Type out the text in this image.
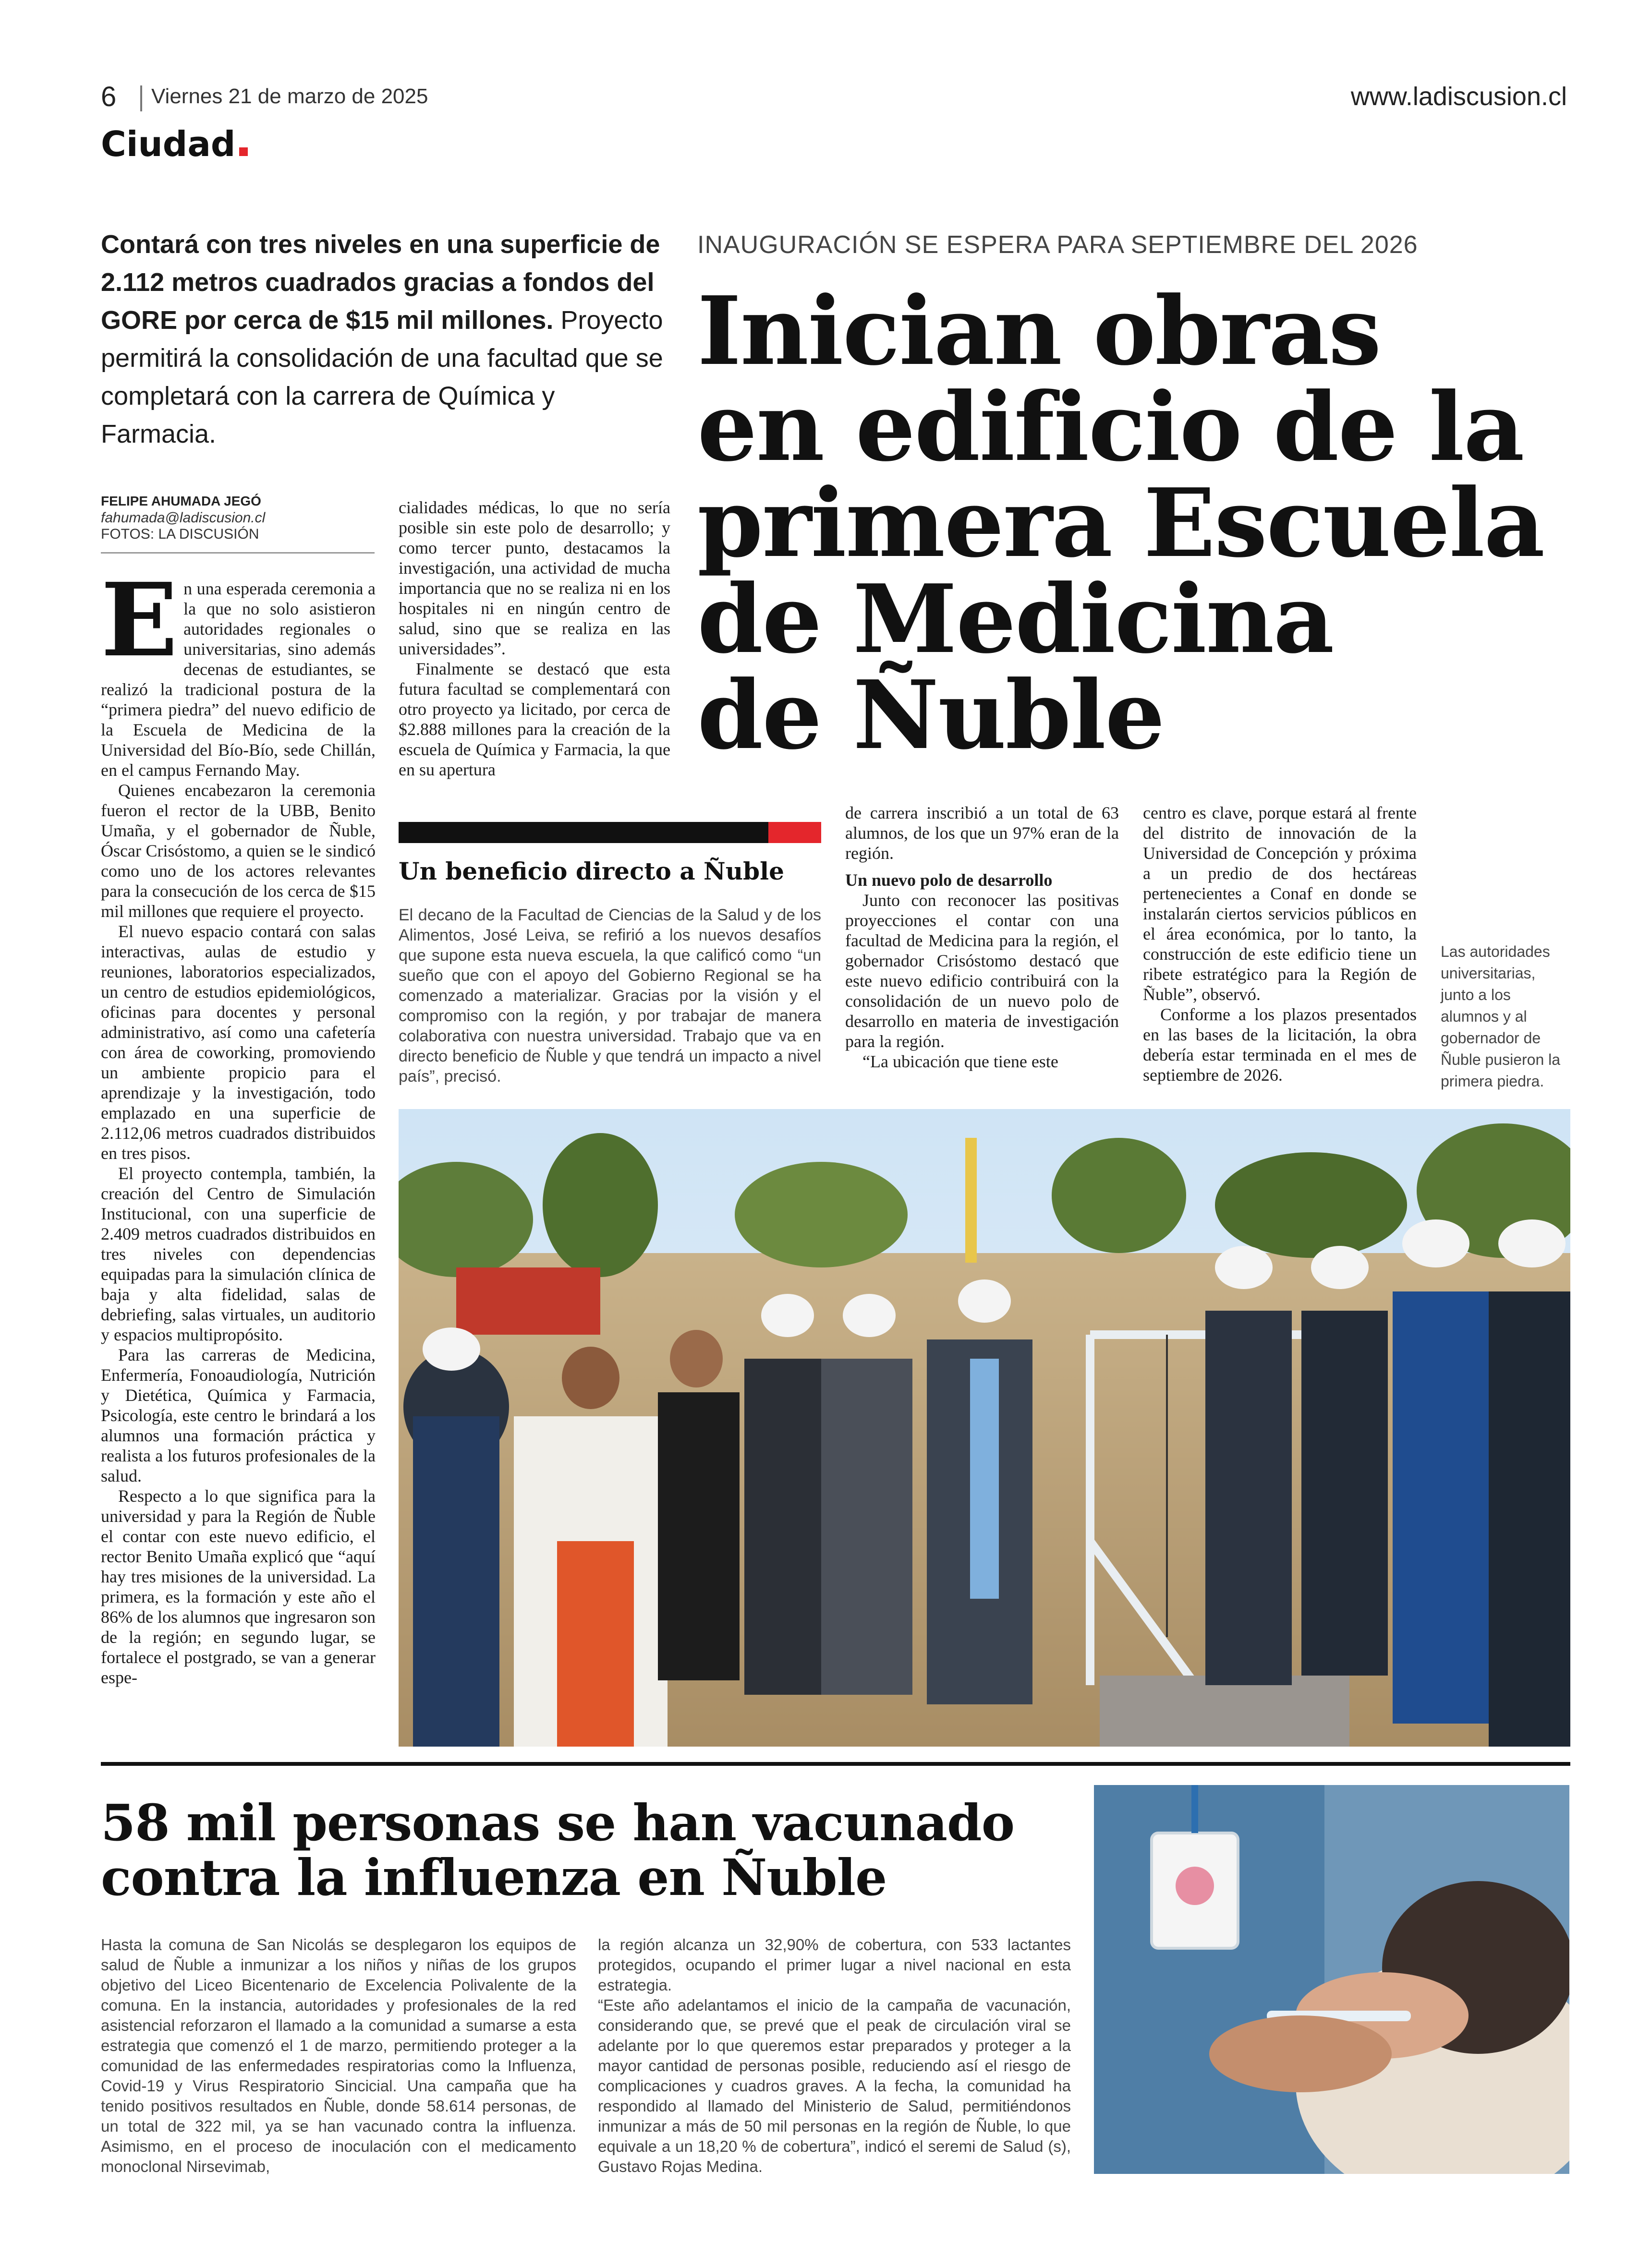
6 Viernes 21 de marzo de 2025	www.ladiscusion.cl
Ciudad
Contará con tres niveles en una superficie de 2.112 metros cuadrados gracias a fondos del GORE por cerca de $15 mil millones. Proyecto permitirá la consolidación de una facultad que se completará con la carrera de Química y Farmacia.
INAUGURACIÓN SE ESPERA PARA SEPTIEMBRE DEL 2026
Inician obras
en edificio de la
primera Escuela
de Medicina
de Ñuble
FELIPE AHUMADA JEGÓ
fahumada@ladiscusion.cl
FOTOS: LA DISCUSIÓN

En una esperada ceremonia a la que no solo asistieron autoridades regionales o universitarias, sino además decenas de estudiantes, se realizó la tradicional postura de la “primera piedra” del nuevo edificio de la Escuela de Medicina de la Universidad del Bío-Bío, sede Chillán, en el campus Fernando May.

Quienes encabezaron la ceremonia fueron el rector de la UBB, Benito Umaña, y el gobernador de Ñuble, Óscar Crisóstomo, a quien se le sindicó como uno de los actores relevantes para la consecución de los cerca de $15 mil millones que requiere el proyecto.

El nuevo espacio contará con salas interactivas, aulas de estudio y reuniones, laboratorios especializados, un centro de estudios epidemiológicos, oficinas para docentes y personal administrativo, así como una cafetería con área de coworking, promoviendo un ambiente propicio para el aprendizaje y la investigación, todo emplazado en una superficie de 2.112,06 metros cuadrados distribuidos en tres pisos.

El proyecto contempla, también, la creación del Centro de Simulación Institucional, con una superficie de 2.409 metros cuadrados distribuidos en tres niveles con dependencias equipadas para la simulación clínica de baja y alta fidelidad, salas de debriefing, salas virtuales, un auditorio y espacios multipropósito.

Para las carreras de Medicina, Enfermería, Fonoaudiología, Nutrición y Dietética, Química y Farmacia, Psicología, este centro le brindará a los alumnos una formación práctica y realista a los futuros profesionales de la salud.

Respecto a lo que significa para la universidad y para la Región de Ñuble el contar con este nuevo edificio, el rector Benito Umaña explicó que “aquí hay tres misiones de la universidad. La primera, es la formación y este año el 86% de los alumnos que ingresaron son de la región; en segundo lugar, se fortalece el postgrado, se van a generar espe-

cialidades médicas, lo que no sería posible sin este polo de desarrollo; y como tercer punto, destacamos la investigación, una actividad de mucha importancia que no se realiza ni en los hospitales ni en ningún centro de salud, sino que se realiza en las universidades”.

Finalmente se destacó que esta futura facultad se complementará con otro proyecto ya licitado, por cerca de $2.888 millones para la creación de la escuela de Química y Farmacia, la que en su apertura

Un beneficio directo a Ñuble
El decano de la Facultad de Ciencias de la Salud y de los Alimentos, José Leiva, se refirió a los nuevos desafíos que supone esta nueva escuela, la que calificó como “un sueño que con el apoyo del Gobierno Regional se ha comenzado a materializar. Gracias por la visión y el compromiso con la región, y por trabajar de manera colaborativa con nuestra universidad. Trabajo que va en directo beneficio de Ñuble y que tendrá un impacto a nivel país”, precisó.

de carrera inscribió a un total de 63 alumnos, de los que un 97% eran de la región.

Un nuevo polo de desarrollo

Junto con reconocer las positivas proyecciones el contar con una facultad de Medicina para la región, el gobernador Crisóstomo destacó que este nuevo edificio contribuirá con la consolidación de un nuevo polo de desarrollo en materia de investigación para la región.

“La ubicación que tiene este

centro es clave, porque estará al frente del distrito de innovación de la Universidad de Concepción y próxima a un predio de dos hectáreas pertenecientes a Conaf en donde se instalarán ciertos servicios públicos en el área económica, por lo tanto, la construcción de este edificio tiene un ribete estratégico para la Región de Ñuble”, observó.

Conforme a los plazos presentados en las bases de la licitación, la obra debería estar terminada en el mes de septiembre de 2026.

Las autoridades universitarias, junto a los alumnos y al gobernador de Ñuble pusieron la primera piedra.
58 mil personas se han vacunado
contra la influenza en Ñuble
Hasta la comuna de San Nicolás se desplegaron los equipos de salud de Ñuble a inmunizar a los niños y niñas de los grupos objetivo del Liceo Bicentenario de Excelencia Polivalente de la comuna. En la instancia, autoridades y profesionales de la red asistencial reforzaron el llamado a la comunidad a sumarse a esta estrategia que comenzó el 1 de marzo, permitiendo proteger a la comunidad de las enfermedades respiratorias como la Influenza, Covid-19 y Virus Respiratorio Sincicial. Una campaña que ha tenido positivos resultados en Ñuble, donde 58.614 personas, de un total de 322 mil, ya se han vacunado contra la influenza. Asimismo, en el proceso de inoculación con el medicamento monoclonal Nirsevimab,

la región alcanza un 32,90% de cobertura, con 533 lactantes protegidos, ocupando el primer lugar a nivel nacional en esta estrategia.

“Este año adelantamos el inicio de la campaña de vacunación, considerando que, se prevé que el peak de circulación viral se adelante por lo que queremos estar preparados y proteger a la mayor cantidad de personas posible, reduciendo así el riesgo de complicaciones y cuadros graves. A la fecha, la comunidad ha respondido al llamado del Ministerio de Salud, permitiéndonos inmunizar a más de 50 mil personas en la región de Ñuble, lo que equivale a un 18,20 % de cobertura”, indicó el seremi de Salud (s), Gustavo Rojas Medina.
